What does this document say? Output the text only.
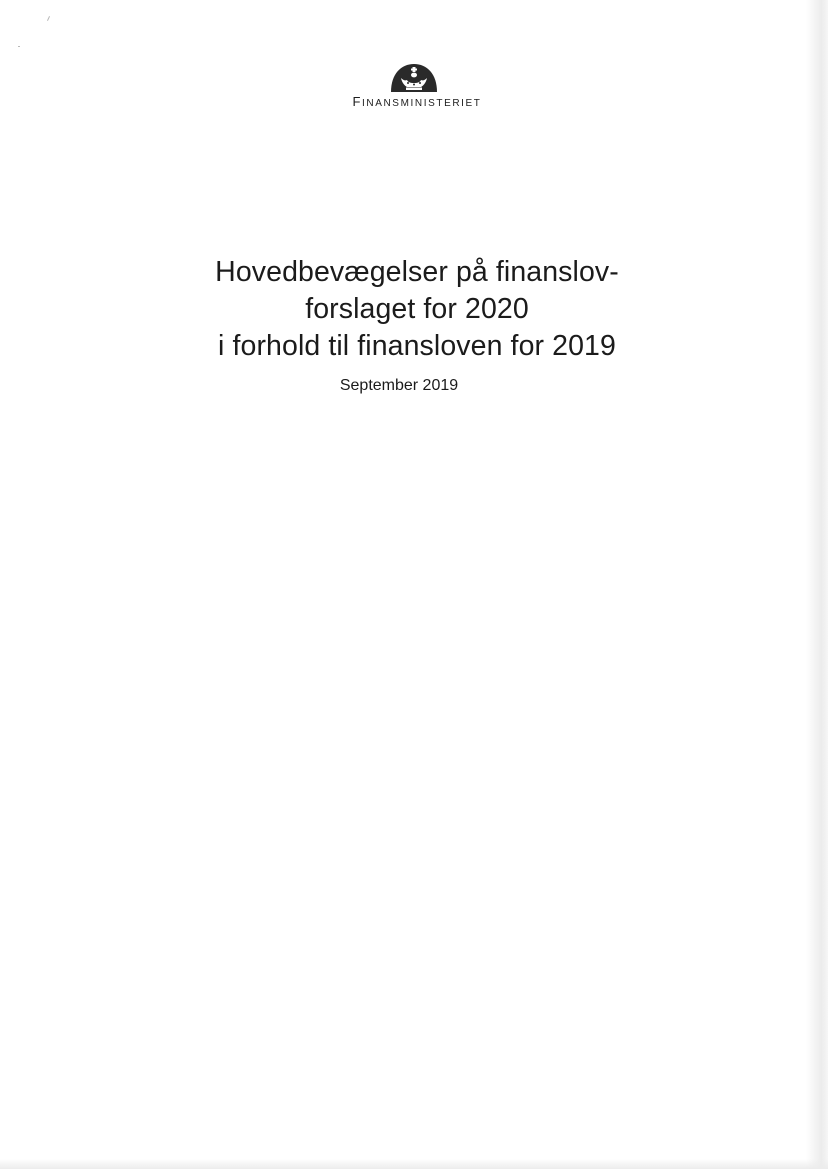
FINANSMINISTERIET
Hovedbevægelser på finanslov-
forslaget for 2020
i forhold til finansloven for 2019
September 2019
